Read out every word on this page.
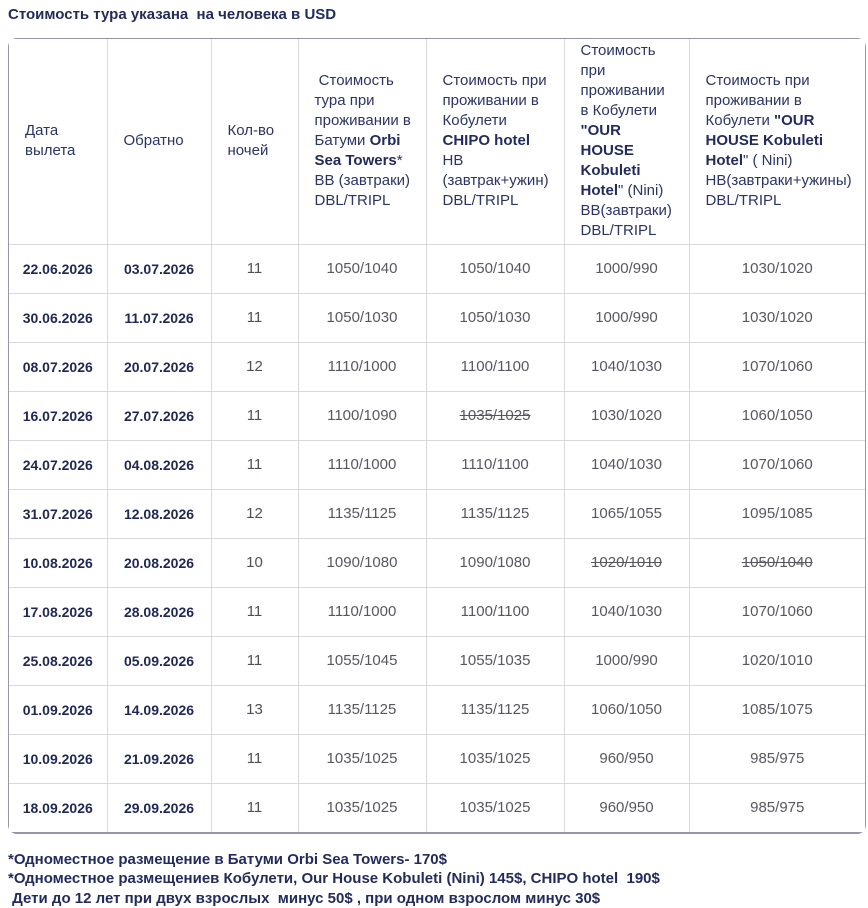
Стоимость тура указана  на человека в USD
Дата вылета	Обратно	Кол-во ночей	Стоимость тура при проживании в Батуми Orbi Sea Towers* BB (завтраки) DBL/TRIPL	Стоимость при проживании в Кобулети CHIPO hotel HB (завтрак+ужин) DBL/TRIPL	Стоимость при проживании в Кобулети "OUR HOUSE Kobuleti Hotel" (Nini) BB(завтраки) DBL/TRIPL	Стоимость при проживании в Кобулети "OUR HOUSE Kobuleti Hotel" ( Nini) HB(завтраки+ужины) DBL/TRIPL
22.06.2026	03.07.2026	11	1050/1040	1050/1040	1000/990	1030/1020
30.06.2026	11.07.2026	11	1050/1030	1050/1030	1000/990	1030/1020
08.07.2026	20.07.2026	12	1110/1000	1100/1100	1040/1030	1070/1060
16.07.2026	27.07.2026	11	1100/1090	1035/1025	1030/1020	1060/1050
24.07.2026	04.08.2026	11	1110/1000	1110/1100	1040/1030	1070/1060
31.07.2026	12.08.2026	12	1135/1125	1135/1125	1065/1055	1095/1085
10.08.2026	20.08.2026	10	1090/1080	1090/1080	1020/1010	1050/1040
17.08.2026	28.08.2026	11	1110/1000	1100/1100	1040/1030	1070/1060
25.08.2026	05.09.2026	11	1055/1045	1055/1035	1000/990	1020/1010
01.09.2026	14.09.2026	13	1135/1125	1135/1125	1060/1050	1085/1075
10.09.2026	21.09.2026	11	1035/1025	1035/1025	960/950	985/975
18.09.2026	29.09.2026	11	1035/1025	1035/1025	960/950	985/975

*Одноместное размещение в Батуми Orbi Sea Towers- 170$

*Одноместное размещениев Кобулети, Our House Kobuleti (Nini) 145$, CHIPO hotel  190$

Дети до 12 лет при двух взрослых  минус 50$ , при одном взрослом минус 30$
